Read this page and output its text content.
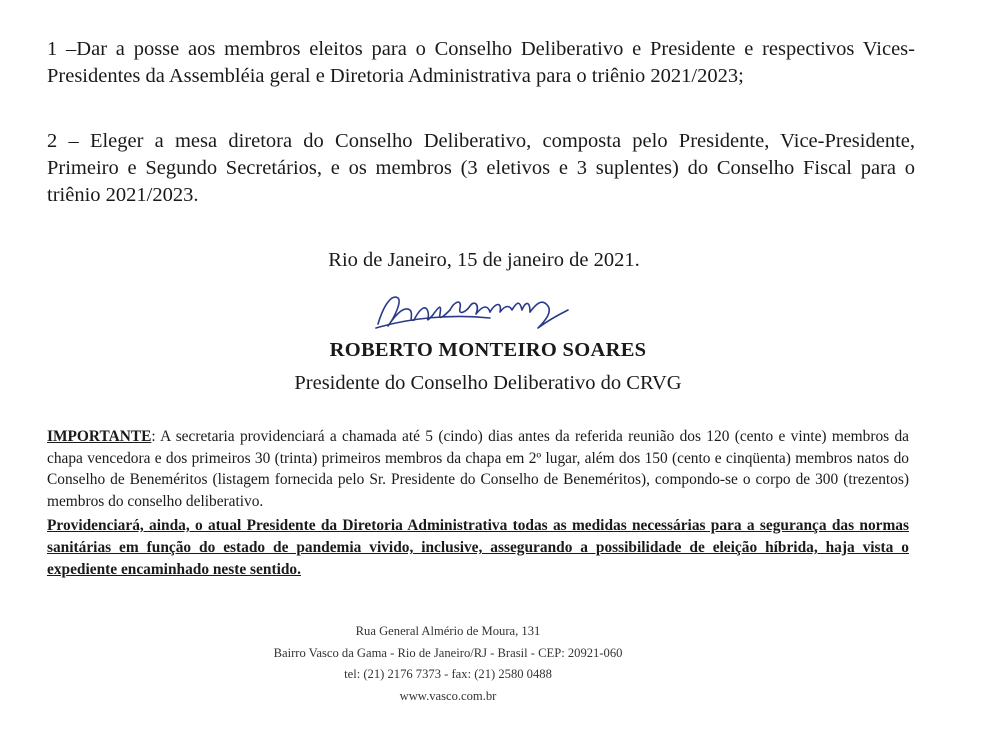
1 –Dar a posse aos membros eleitos para o Conselho Deliberativo e Presidente e respectivos Vices-Presidentes da Assembléia geral e Diretoria Administrativa para o triênio 2021/2023;

2 – Eleger a mesa diretora do Conselho Deliberativo, composta pelo Presidente, Vice-Presidente, Primeiro e Segundo Secretários, e os membros (3 eletivos e 3 suplentes) do Conselho Fiscal para o triênio 2021/2023.

Rio de Janeiro, 15 de janeiro de 2021.

ROBERTO MONTEIRO SOARES

Presidente do Conselho Deliberativo do CRVG

IMPORTANTE: A secretaria providenciará a chamada até 5 (cindo) dias antes da referida reunião dos 120 (cento e vinte) membros da chapa vencedora e dos primeiros 30 (trinta) primeiros membros da chapa em 2º lugar, além dos 150 (cento e cinqüenta) membros natos do Conselho de Beneméritos (listagem fornecida pelo Sr. Presidente do Conselho de Beneméritos), compondo-se o corpo de 300 (trezentos) membros do conselho deliberativo.

Providenciará, ainda, o atual Presidente da Diretoria Administrativa todas as medidas necessárias para a segurança das normas sanitárias em função do estado de pandemia vivido, inclusive, assegurando a possibilidade de eleição híbrida, haja vista o expediente encaminhado neste sentido.

Rua General Almério de Moura, 131
Bairro Vasco da Gama - Rio de Janeiro/RJ - Brasil - CEP: 20921-060
tel: (21) 2176 7373 - fax: (21) 2580 0488
www.vasco.com.br
